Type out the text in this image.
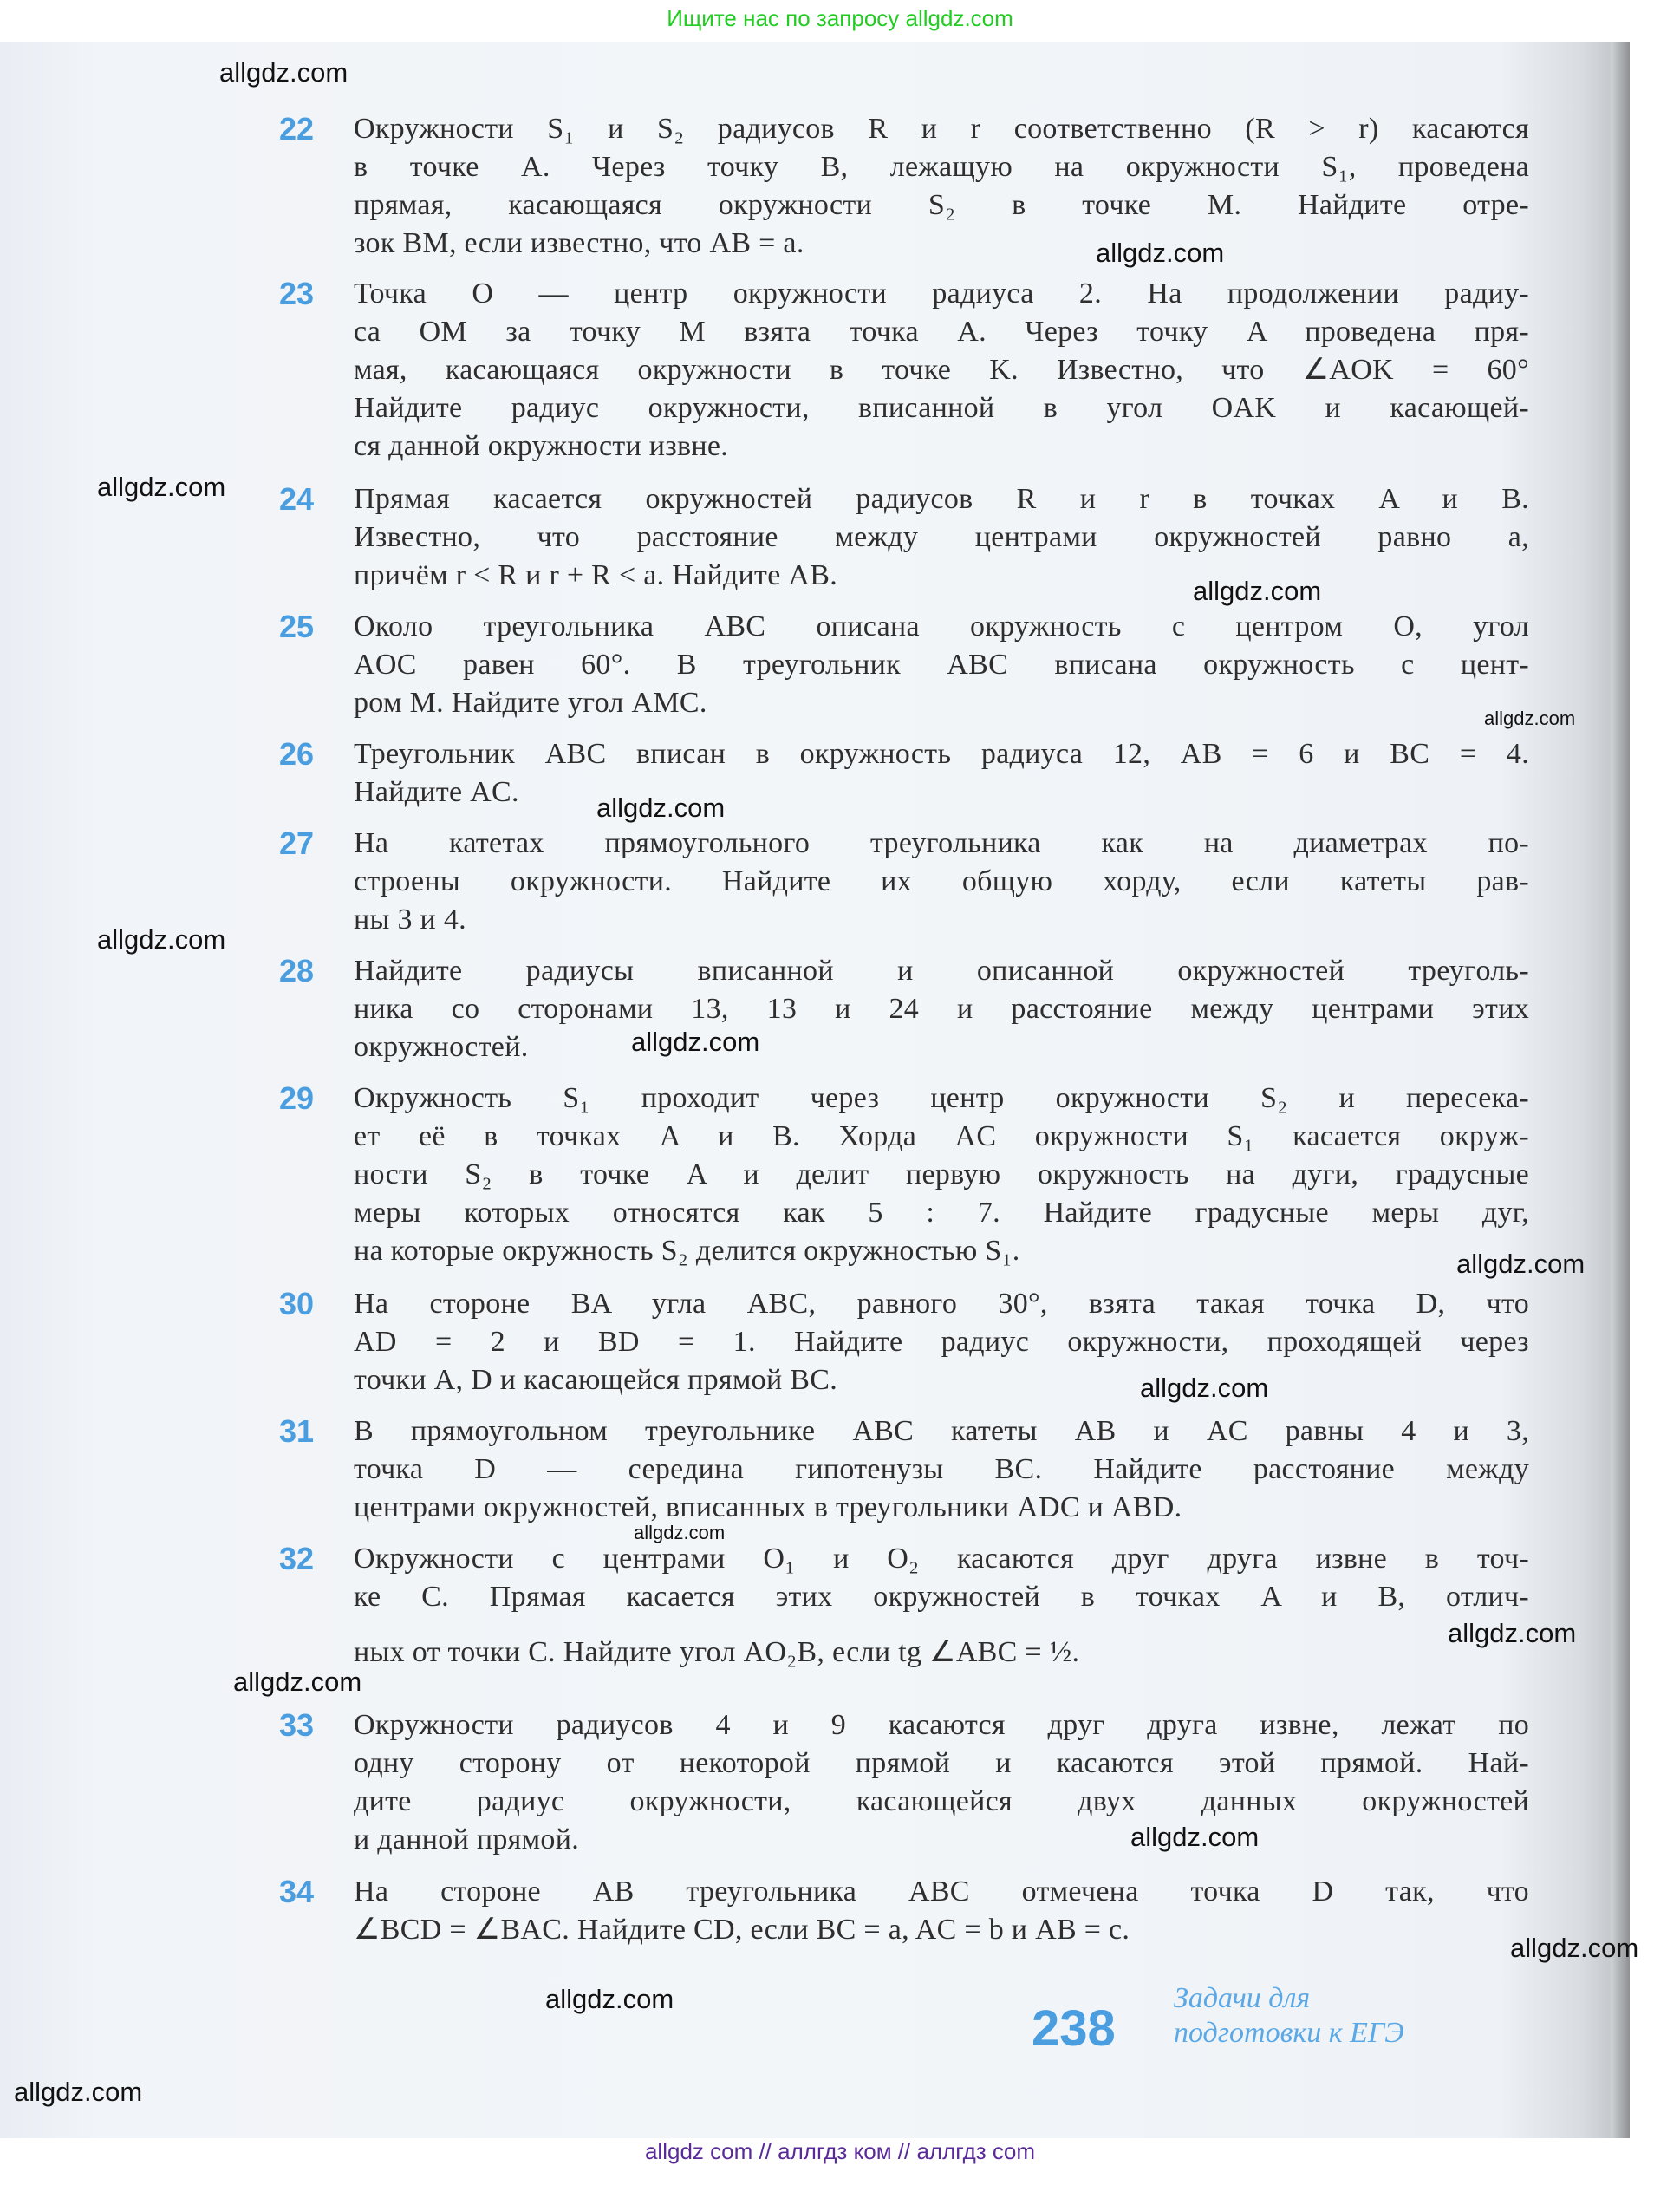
Ищите нас по запросу allgdz.com
22	Окружности S₁ и S₂ радиусов R и r соответственно (R > r) касаются
в точке A. Через точку B, лежащую на окружности S₁, проведена
прямая, касающаяся окружности S₂ в точке M. Найдите отре-
зок BM, если известно, что AB = a.
23	Точка O — центр окружности радиуса 2. На продолжении радиу-
са OM за точку M взята точка A. Через точку A проведена пря-
мая, касающаяся окружности в точке K. Известно, что ∠AOK = 60°
Найдите радиус окружности, вписанной в угол OAK и касающей-
ся данной окружности извне.
24	Прямая касается окружностей радиусов R и r в точках A и B.
Известно, что расстояние между центрами окружностей равно a,
причём r < R и r + R < a. Найдите AB.
25	Около треугольника ABC описана окружность с центром O, угол
AOC равен 60°. В треугольник ABC вписана окружность с цент-
ром M. Найдите угол AMC.
26	Треугольник ABC вписан в окружность радиуса 12, AB = 6 и BC = 4.
Найдите AC.
27	На катетах прямоугольного треугольника как на диаметрах по-
строены окружности. Найдите их общую хорду, если катеты рав-
ны 3 и 4.
28	Найдите радиусы вписанной и описанной окружностей треуголь-
ника со сторонами 13, 13 и 24 и расстояние между центрами этих
окружностей.
29	Окружность S₁ проходит через центр окружности S₂ и пересека-
ет её в точках A и B. Хорда AC окружности S₁ касается окруж-
ности S₂ в точке A и делит первую окружность на дуги, градусные
меры которых относятся как 5 : 7. Найдите градусные меры дуг,
на которые окружность S₂ делится окружностью S₁.
30	На стороне BA угла ABC, равного 30°, взята такая точка D, что
AD = 2 и BD = 1. Найдите радиус окружности, проходящей через
точки A, D и касающейся прямой BC.
31	В прямоугольном треугольнике ABC катеты AB и AC равны 4 и 3,
точка D — середина гипотенузы BC. Найдите расстояние между
центрами окружностей, вписанных в треугольники ADC и ABD.
32	Окружности с центрами O₁ и O₂ касаются друг друга извне в точ-
ке C. Прямая касается этих окружностей в точках A и B, отлич-
ных от точки C. Найдите угол AO₂B, если tg ∠ABC = ½.
33	Окружности радиусов 4 и 9 касаются друг друга извне, лежат по
одну сторону от некоторой прямой и касаются этой прямой. Най-
дите радиус окружности, касающейся двух данных окружностей
и данной прямой.
34	На стороне AB треугольника ABC отмечена точка D так, что
∠BCD = ∠BAC. Найдите CD, если BC = a, AC = b и AB = c.
238
Задачи для
подготовки к ЕГЭ
allgdz.com
allgdz.com
allgdz.com
allgdz.com
allgdz.com
allgdz.com
allgdz.com
allgdz.com
allgdz.com
allgdz.com
allgdz.com
allgdz.com
allgdz.com
allgdz.com
allgdz.com
allgdz.com
allgdz.com
allgdz com // аллгдз ком // аллгдз com
